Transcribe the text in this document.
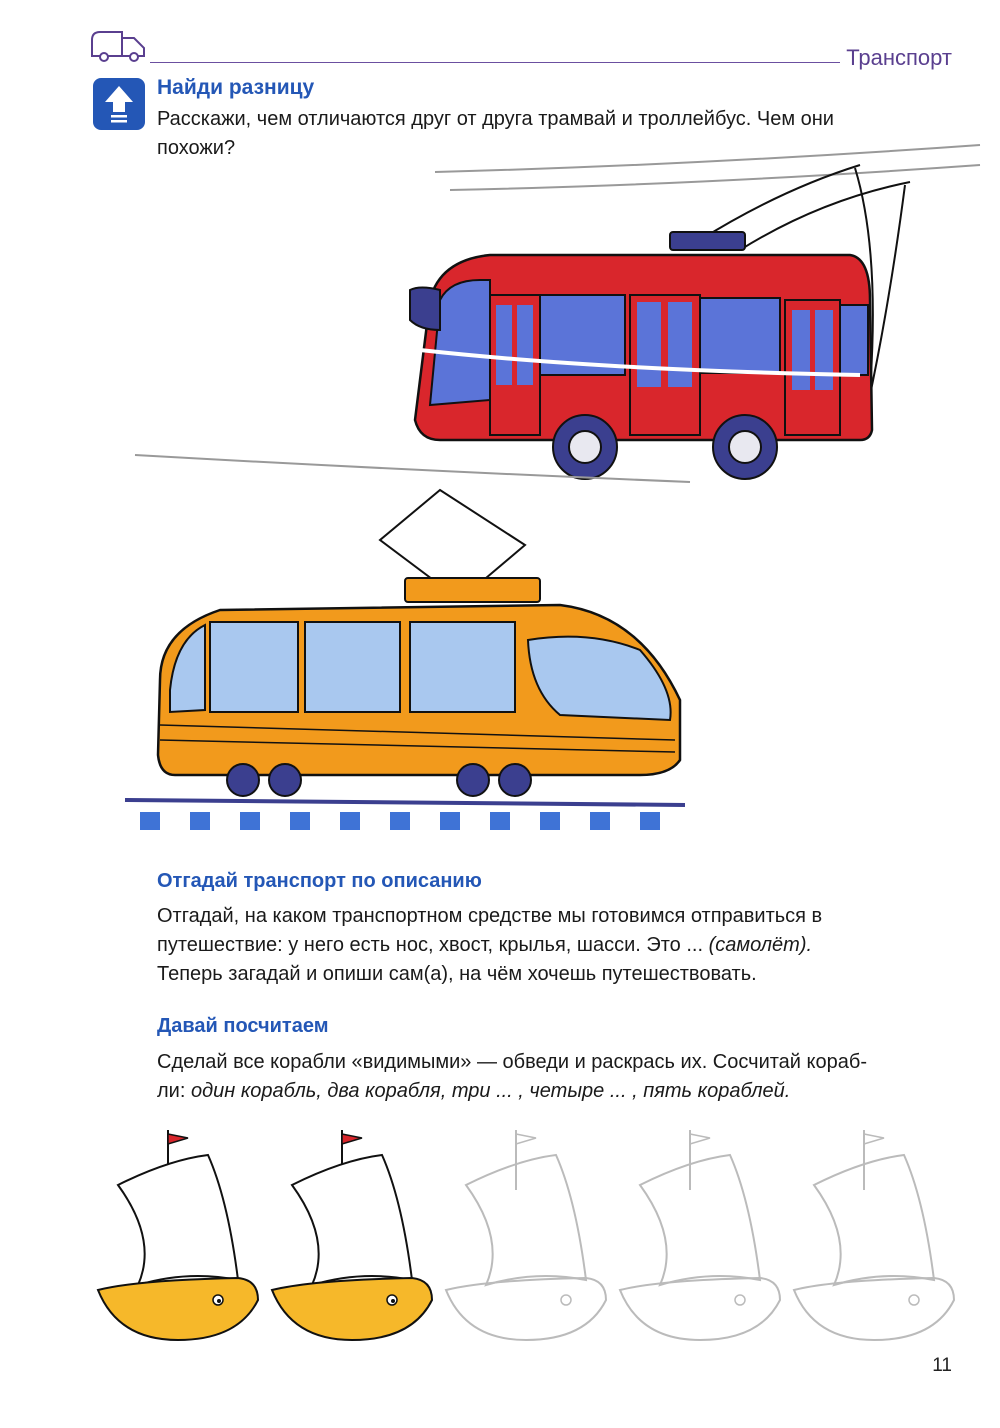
Транспорт
Найди разницу
Расскажи, чем отличаются друг от друга трамвай и троллейбус. Чем они
похожи?
Отгадай транспорт по описанию
Отгадай, на каком транспортном средстве мы готовимся отправиться в
путешествие: у него есть нос, хвост, крылья, шасси. Это ... (самолёт).
Теперь загадай и опиши сам(а), на чём хочешь путешествовать.
Давай посчитаем
Сделай все корабли «видимыми» — обведи и раскрась их. Сосчитай кораб-
ли: один корабль, два корабля, три ... , четыре ... , пять кораблей.
11
